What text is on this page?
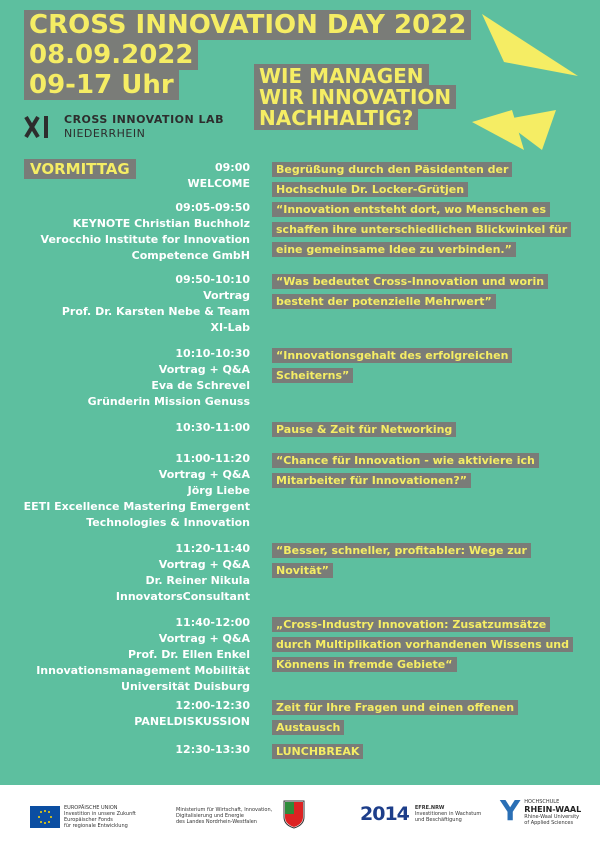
CROSS INNOVATION DAY 2022
08.09.2022
09-17 Uhr	WIE MANAGEN WIR INNOVATION NACHHALTIG?
CROSS INNOVATION LAB
NIEDERRHEIN
VORMITTAG	09:00
WELCOME
Begrüßung durch den Päsidenten der Hochschule Dr. Locker-Grütjen
09:05-09:50
KEYNOTE Christian Buchholz
Verocchio Institute for Innovation
Competence GmbH
“Innovation entsteht dort, wo Menschen es schaffen ihre unterschiedlichen Blickwinkel für eine gemeinsame Idee zu verbinden.”
09:50-10:10
Vortrag
Prof. Dr. Karsten Nebe & Team
XI-Lab
“Was bedeutet Cross-Innovation und worin besteht der potenzielle Mehrwert”
10:10-10:30
Vortrag + Q&A
Eva de Schrevel
Gründerin Mission Genuss
“Innovationsgehalt des erfolgreichen Scheiterns”
10:30-11:00	Pause & Zeit für Networking
11:00-11:20
Vortrag + Q&A
Jörg Liebe
EETI Excellence Mastering Emergent
Technologies & Innovation
“Chance für Innovation - wie aktiviere ich Mitarbeiter für Innovationen?”
11:20-11:40
Vortrag + Q&A
Dr. Reiner Nikula
InnovatorsConsultant
“Besser, schneller, profitabler: Wege zur Novität”
11:40-12:00
Vortrag + Q&A
Prof. Dr. Ellen Enkel
Innovationsmanagement Mobilität
Universität Duisburg
„Cross-Industry Innovation: Zusatzumsätze durch Multiplikation vorhandenen Wissens und Könnens in fremde Gebiete“
12:00-12:30
PANELDISKUSSION
Zeit für Ihre Fragen und einen offenen Austausch
12:30-13:30	LUNCHBREAK
EUROPÄISCHE UNION
Investition in unsere Zukunft
Europäischer Fonds
für regionale Entwicklung
Ministerium für Wirtschaft, Innovation,
Digitalisierung und Energie
des Landes Nordrhein-Westfalen	2014 EFRE.NRW
Investitionen in Wachstum
und Beschäftigung	Y HOCHSCHULE
RHEIN-WAAL
Rhine-Waal University
of Applied Sciences
